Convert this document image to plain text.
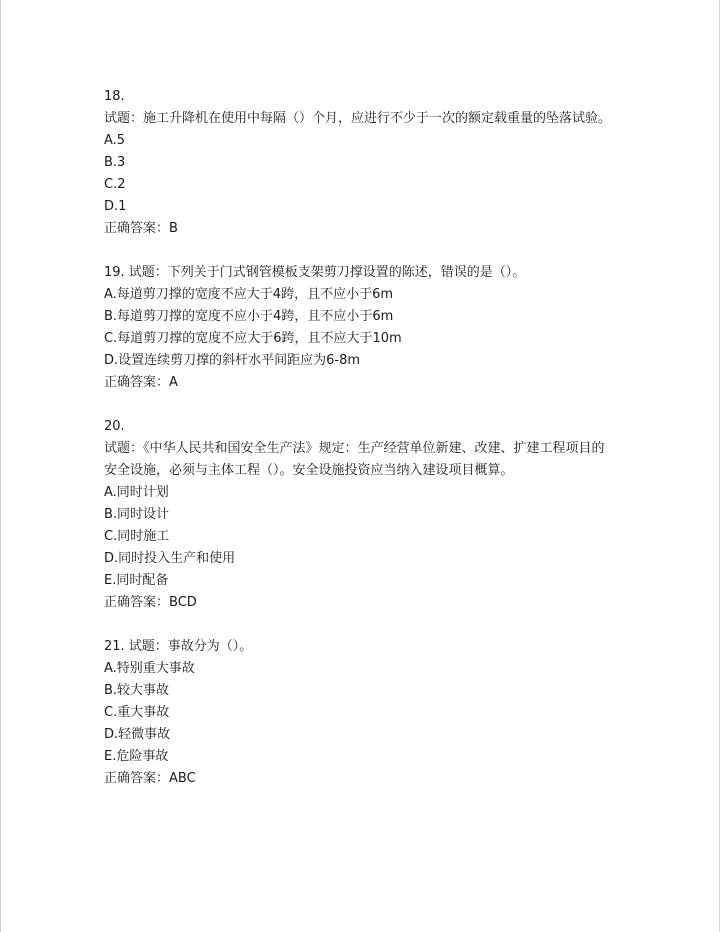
18.
试题：施工升降机在使用中每隔（）个月，应进行不少于一次的额定载重量的坠落试验。
A.5
B.3
C.2
D.1
正确答案：B
19. 试题：下列关于门式钢管模板支架剪刀撑设置的陈述，错误的是（）。
A.每道剪刀撑的宽度不应大于4跨，且不应小于6m
B.每道剪刀撑的宽度不应小于4跨，且不应小于6m
C.每道剪刀撑的宽度不应大于6跨，且不应大于10m
D.设置连续剪刀撑的斜杆水平间距应为6-8m
正确答案：A
20.
试题：《中华人民共和国安全生产法》规定：生产经营单位新建、改建、扩建工程项目的
安全设施，必须与主体工程（）。安全设施投资应当纳入建设项目概算。
A.同时计划
B.同时设计
C.同时施工
D.同时投入生产和使用
E.同时配备
正确答案：BCD
21. 试题：事故分为（）。
A.特别重大事故
B.较大事故
C.重大事故
D.轻微事故
E.危险事故
正确答案：ABC
